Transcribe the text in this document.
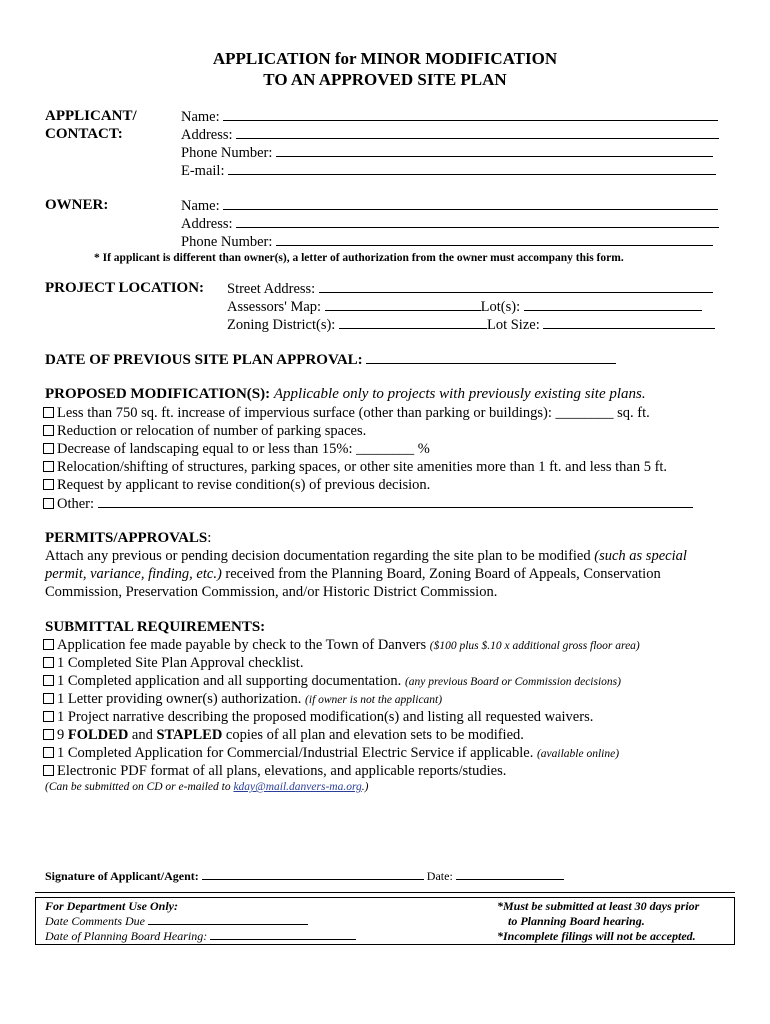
APPLICATION for MINOR MODIFICATION
TO AN APPROVED SITE PLAN
APPLICANT/
CONTACT:
Name:
Address:
Phone Number:
E-mail:
OWNER:	Name:
Address:
Phone Number:
* If applicant is different than owner(s), a letter of authorization from the owner must accompany this form.
PROJECT LOCATION: Street Address:
Assessors' Map:	Lot(s):
Zoning District(s):	Lot Size:
DATE OF PREVIOUS SITE PLAN APPROVAL:
PROPOSED MODIFICATION(S): Applicable only to projects with previously existing site plans.
Less than 750 sq. ft. increase of impervious surface (other than parking or buildings): ________ sq. ft.
Reduction or relocation of number of parking spaces.
Decrease of landscaping equal to or less than 15%: ________ %
Relocation/shifting of structures, parking spaces, or other site amenities more than 1 ft. and less than 5 ft.
Request by applicant to revise condition(s) of previous decision.
Other:
PERMITS/APPROVALS:
Attach any previous or pending decision documentation regarding the site plan to be modified (such as special
permit, variance, finding, etc.) received from the Planning Board, Zoning Board of Appeals, Conservation
Commission, Preservation Commission, and/or Historic District Commission.
SUBMITTAL REQUIREMENTS:
Application fee made payable by check to the Town of Danvers ($100 plus $.10 x additional gross floor area)
1 Completed Site Plan Approval checklist.
1 Completed application and all supporting documentation. (any previous Board or Commission decisions)
1 Letter providing owner(s) authorization. (if owner is not the applicant)
1 Project narrative describing the proposed modification(s) and listing all requested waivers.
9 FOLDED and STAPLED copies of all plan and elevation sets to be modified.
1 Completed Application for Commercial/Industrial Electric Service if applicable. (available online)
Electronic PDF format of all plans, elevations, and applicable reports/studies.
(Can be submitted on CD or e-mailed to kday@mail.danvers-ma.org.)
Signature of Applicant/Agent:	Date:
For Department Use Only:
Date Comments Due
Date of Planning Board Hearing:
*Must be submitted at least 30 days prior
to Planning Board hearing.
*Incomplete filings will not be accepted.
